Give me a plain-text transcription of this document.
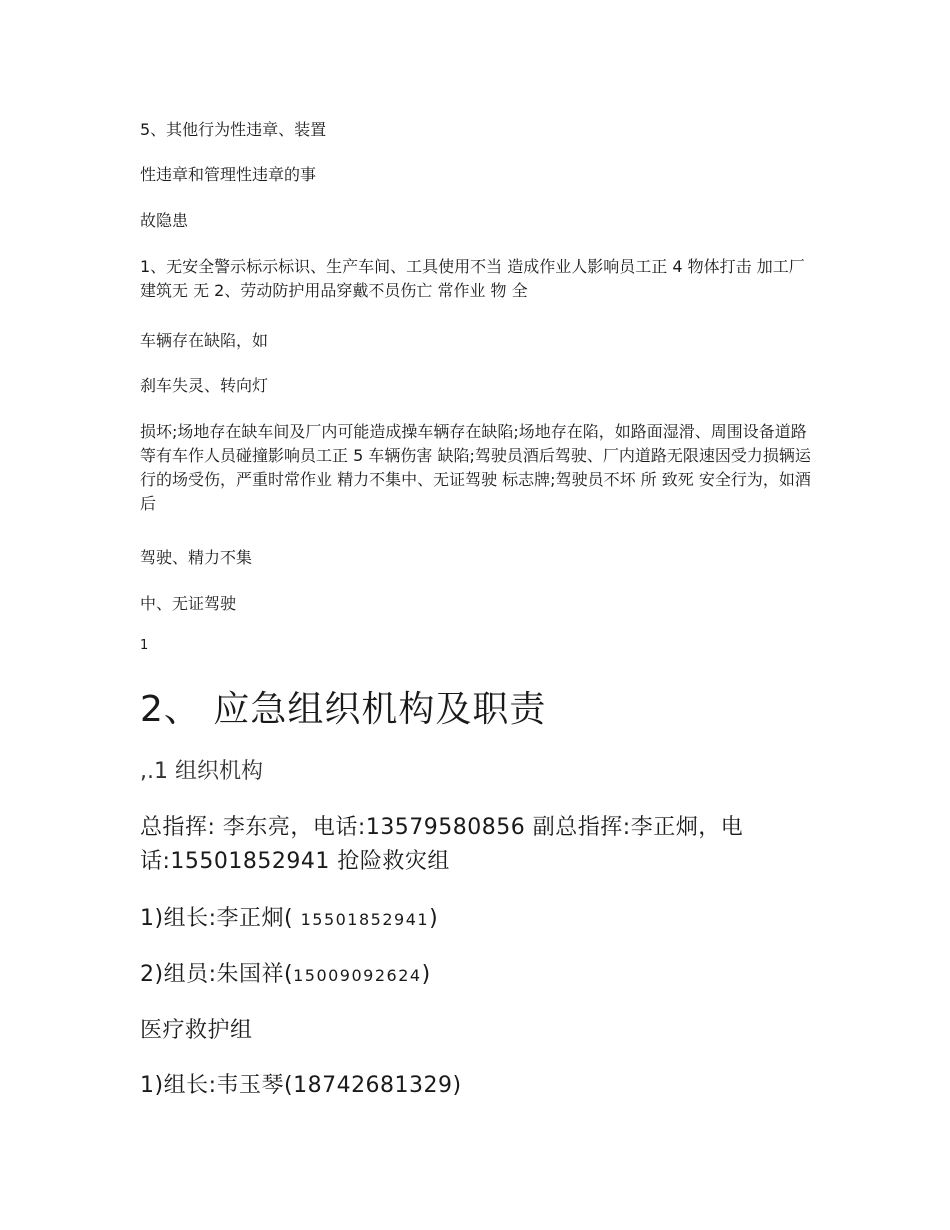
5、其他行为性违章、装置

性违章和管理性违章的事

故隐患

1、无安全警示标示标识、生产车间、工具使用不当 造成作业人影响员工正 4 物体打击 加工厂建筑无 无 2、劳动防护用品穿戴不员伤亡 常作业 物 全

车辆存在缺陷，如

刹车失灵、转向灯

损坏;场地存在缺车间及厂内可能造成操车辆存在缺陷;场地存在陷，如路面湿滑、周围设备道路等有车作人员碰撞影响员工正 5 车辆伤害 缺陷;驾驶员酒后驾驶、厂内道路无限速因受力损辆运行的场受伤，严重时常作业 精力不集中、无证驾驶 标志牌;驾驶员不坏 所 致死 安全行为，如酒后

驾驶、精力不集

中、无证驾驶

1

2、 应急组织机构及职责
,.1 组织机构

总指挥: 李东亮，电话:13579580856 副总指挥:李正炯，电话:15501852941 抢险救灾组

1)组长:李正炯( 15501852941)

2)组员:朱国祥(15009092624)

医疗救护组

1)组长:韦玉琴(18742681329)
